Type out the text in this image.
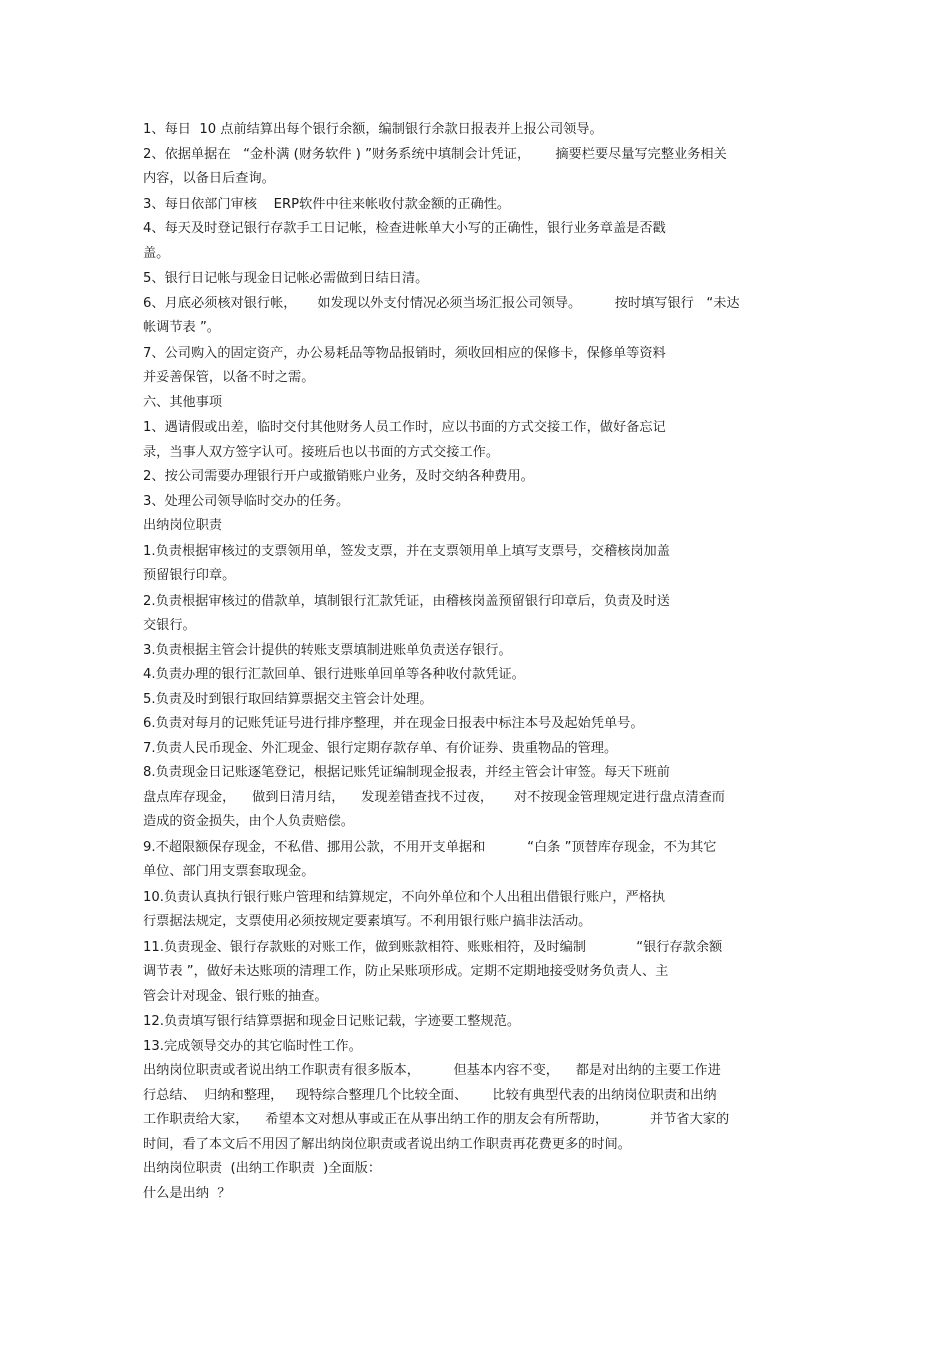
1、每日  10 点前结算出每个银行余额，编制银行余款日报表并上报公司领导。
2、依据单据在   “金朴满 (财务软件 ) ”财务系统中填制会计凭证，      摘要栏要尽量写完整业务相关
内容，以备日后查询。
3、每日依部门审核    ERP软件中往来帐收付款金额的正确性。
4、每天及时登记银行存款手工日记帐，检查进帐单大小写的正确性，银行业务章盖是否戳
盖。
5、银行日记帐与现金日记帐必需做到日结日清。
6、月底必须核对银行帐，     如发现以外支付情况必须当场汇报公司领导。        按时填写银行   “未达
帐调节表 ”。
7、公司购入的固定资产，办公易耗品等物品报销时，须收回相应的保修卡，保修单等资料
并妥善保管，以备不时之需。
六、其他事项
1、遇请假或出差，临时交付其他财务人员工作时，应以书面的方式交接工作，做好备忘记
录，当事人双方签字认可。接班后也以书面的方式交接工作。
2、按公司需要办理银行开户或撤销账户业务，及时交纳各种费用。
3、处理公司领导临时交办的任务。
出纳岗位职责
1.负责根据审核过的支票领用单，签发支票，并在支票领用单上填写支票号，交稽核岗加盖
预留银行印章。
2.负责根据审核过的借款单，填制银行汇款凭证，由稽核岗盖预留银行印章后，负责及时送
交银行。
3.负责根据主管会计提供的转账支票填制进账单负责送存银行。
4.负责办理的银行汇款回单、银行进账单回单等各种收付款凭证。
5.负责及时到银行取回结算票据交主管会计处理。
6.负责对每月的记账凭证号进行排序整理，并在现金日报表中标注本号及起始凭单号。
7.负责人民币现金、外汇现金、银行定期存款存单、有价证券、贵重物品的管理。
8.负责现金日记账逐笔登记，根据记账凭证编制现金报表，并经主管会计审签。每天下班前
盘点库存现金，    做到日清月结，    发现差错查找不过夜，     对不按现金管理规定进行盘点清查而
造成的资金损失，由个人负责赔偿。
9.不超限额保存现金，不私借、挪用公款，不用开支单据和          “白条 ”顶替库存现金，不为其它
单位、部门用支票套取现金。
10.负责认真执行银行账户管理和结算规定，不向外单位和个人出租出借银行账户，严格执
行票据法规定，支票使用必须按规定要素填写。不利用银行账户搞非法活动。
11.负责现金、银行存款账的对账工作，做到账款相符、账账相符，及时编制            “银行存款余额
调节表 ”，做好未达账项的清理工作，防止呆账项形成。定期不定期地接受财务负责人、主
管会计对现金、银行账的抽查。
12.负责填写银行结算票据和现金日记账记载，字迹要工整规范。
13.完成领导交办的其它临时性工作。
出纳岗位职责或者说出纳工作职责有很多版本，        但基本内容不变，    都是对出纳的主要工作进
行总结、  归纳和整理，   现特综合整理几个比较全面、      比较有典型代表的出纳岗位职责和出纳
工作职责给大家，    希望本文对想从事或正在从事出纳工作的朋友会有所帮助，          并节省大家的
时间，看了本文后不用因了解出纳岗位职责或者说出纳工作职责再花费更多的时间。
出纳岗位职责  (出纳工作职责  )全面版：
什么是出纳  ？
